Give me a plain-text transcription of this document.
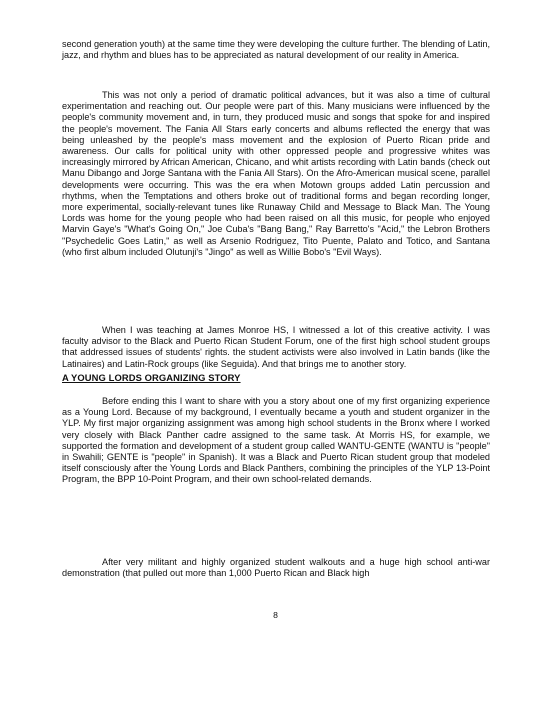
second generation youth) at the same time they were developing the culture further. The blending of Latin, jazz, and rhythm and blues has to be appreciated as natural development of our reality in America.

This was not only a period of dramatic political advances, but it was also a time of cultural experimentation and reaching out. Our people were part of this. Many musicians were influenced by the people's community movement and, in turn, they produced music and songs that spoke for and inspired the people's movement. The Fania All Stars early concerts and albums reflected the energy that was being unleashed by the people's mass movement and the explosion of Puerto Rican pride and awareness. Our calls for political unity with other oppressed people and progressive whites was increasingly mirrored by African American, Chicano, and whit artists recording with Latin bands (check out Manu Dibango and Jorge Santana with the Fania All Stars). On the Afro-American musical scene, parallel developments were occurring. This was the era when Motown groups added Latin percussion and rhythms, when the Temptations and others broke out of traditional forms and began recording longer, more experimental, socially-relevant tunes like Runaway Child and Message to Black Man. The Young Lords was home for the young people who had been raised on all this music, for people who enjoyed Marvin Gaye's "What's Going On," Joe Cuba's "Bang Bang," Ray Barretto's "Acid," the Lebron Brothers "Psychedelic Goes Latin," as well as Arsenio Rodriguez, Tito Puente, Palato and Totico, and Santana (who first album included Olutunji's "Jingo" as well as Willie Bobo's "Evil Ways).

When I was teaching at James Monroe HS, I witnessed a lot of this creative activity. I was faculty advisor to the Black and Puerto Rican Student Forum, one of the first high school student groups that addressed issues of students' rights. the student activists were also involved in Latin bands (like the Latinaires) and Latin-Rock groups (like Seguida). And that brings me to another story.

A YOUNG LORDS ORGANIZING STORY

Before ending this I want to share with you a story about one of my first organizing experience as a Young Lord. Because of my background, I eventually became a youth and student organizer in the YLP. My first major organizing assignment was among high school students in the Bronx where I worked very closely with Black Panther cadre assigned to the same task. At Morris HS, for example, we supported the formation and development of a student group called WANTU-GENTE (WANTU is "people" in Swahili; GENTE is "people" in Spanish). It was a Black and Puerto Rican student group that modeled itself consciously after the Young Lords and Black Panthers, combining the principles of the YLP 13-Point Program, the BPP 10-Point Program, and their own school-related demands.

After very militant and highly organized student walkouts and a huge high school anti-war demonstration (that pulled out more than 1,000 Puerto Rican and Black high

8
